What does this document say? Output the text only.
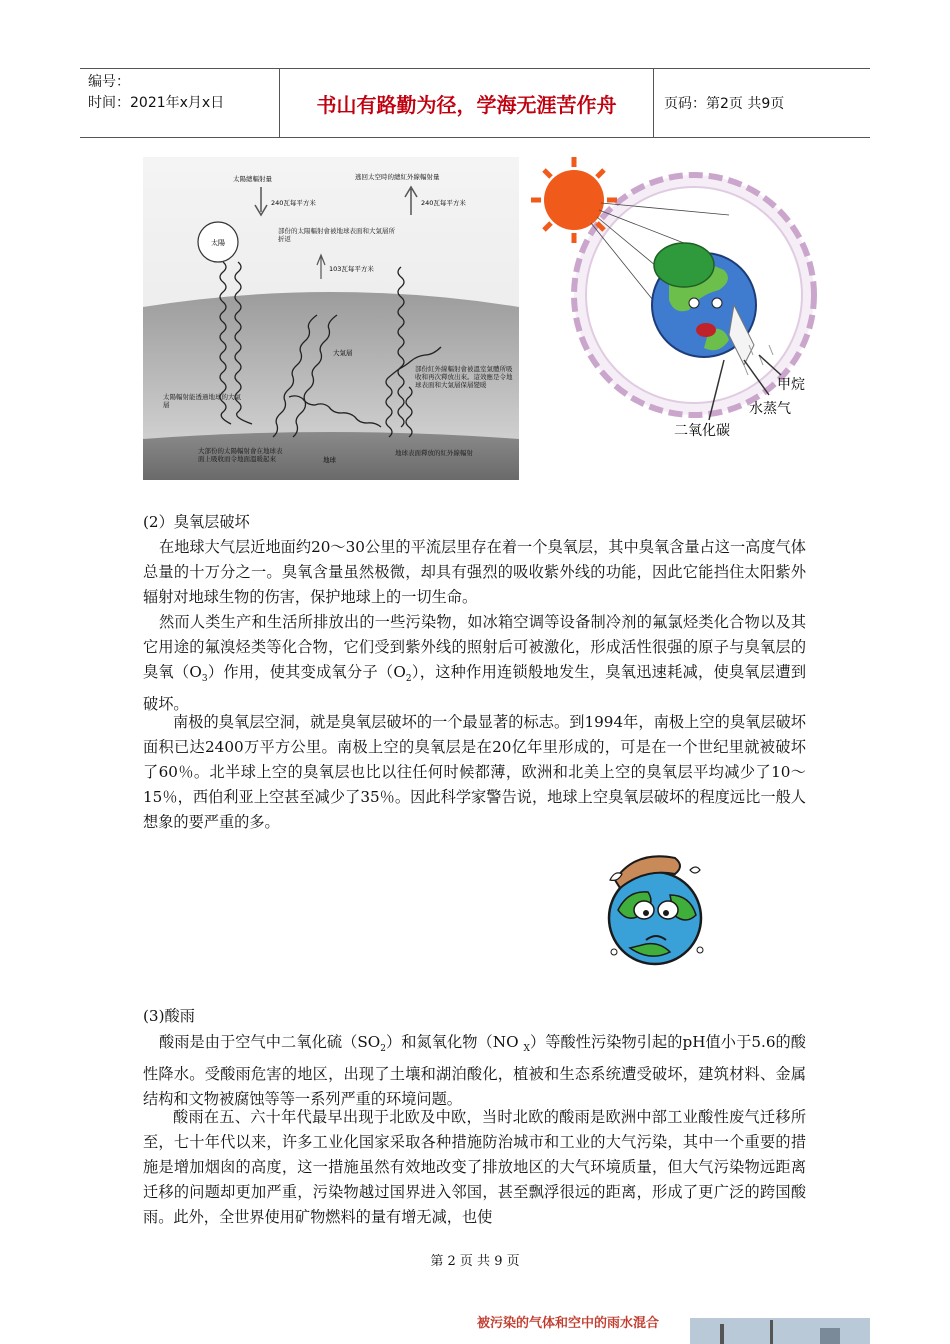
编号：
时间：2021年x月x日	书山有路勤为径，学海无涯苦作舟	页码：第2页 共9页
太陽
太陽總輻射量
240瓦每平方米
逃回太空時的總紅外線輻射量
240瓦每平方米
部份的太陽輻射會被地球表面和大氣層所折返
103瓦每平方米
大氣層
太陽輻射能透過地球的大氣層
部份紅外線輻射會被溫室氣體所吸收和再次釋放出來。這效應是令地球表面和大氣層保層變暖
大部份的太陽輻射會在地球表面上吸收而令地面溫暖起來	地球
地球表面釋放的紅外線輻射
甲烷
水蒸气
二氧化碳

(2）臭氧层破坏

在地球大气层近地面约20～30公里的平流层里存在着一个臭氧层，其中臭氧含量占这一高度气体总量的十万分之一。臭氧含量虽然极微，却具有强烈的吸收紫外线的功能，因此它能挡住太阳紫外辐射对地球生物的伤害，保护地球上的一切生命。

然而人类生产和生活所排放出的一些污染物，如冰箱空调等设备制冷剂的氟氯烃类化合物以及其它用途的氟溴烃类等化合物，它们受到紫外线的照射后可被激化，形成活性很强的原子与臭氧层的臭氧$(O_3)$作用，使其变成氧分子$(O_2)$，这种作用连锁般地发生，臭氧迅速耗减，使臭氧层遭到破坏。

南极的臭氧层空洞，就是臭氧层破坏的一个最显著的标志。到1994年，南极上空的臭氧层破坏面积已达2400万平方公里。南极上空的臭氧层是在20亿年里形成的，可是在一个世纪里就被破坏了60％。北半球上空的臭氧层也比以往任何时候都薄，欧洲和北美上空的臭氧层平均减少了10～15％，西伯利亚上空甚至减少了35％。因此科学家警告说，地球上空臭氧层破坏的程度远比一般人想象的要严重的多。

(3)酸雨

酸雨是由于空气中二氧化硫$(SO_2)$和氮氧化物（NO $_X$）等酸性污染物引起的pH值小于5.6的酸性降水。受酸雨危害的地区，出现了土壤和湖泊酸化，植被和生态系统遭受破坏，建筑材料、金属结构和文物被腐蚀等等一系列严重的环境问题。

酸雨在五、六十年代最早出现于北欧及中欧，当时北欧的酸雨是欧洲中部工业酸性废气迁移所至，七十年代以来，许多工业化国家采取各种措施防治城市和工业的大气污染，其中一个重要的措施是增加烟囱的高度，这一措施虽然有效地改变了排放地区的大气环境质量，但大气污染物远距离迁移的问题却更加严重，污染物越过国界进入邻国，甚至飘浮很远的距离，形成了更广泛的跨国酸雨。此外，全世界使用矿物燃料的量有增无减，也使

第 2 页 共 9 页
被污染的气体和空中的雨水混合
